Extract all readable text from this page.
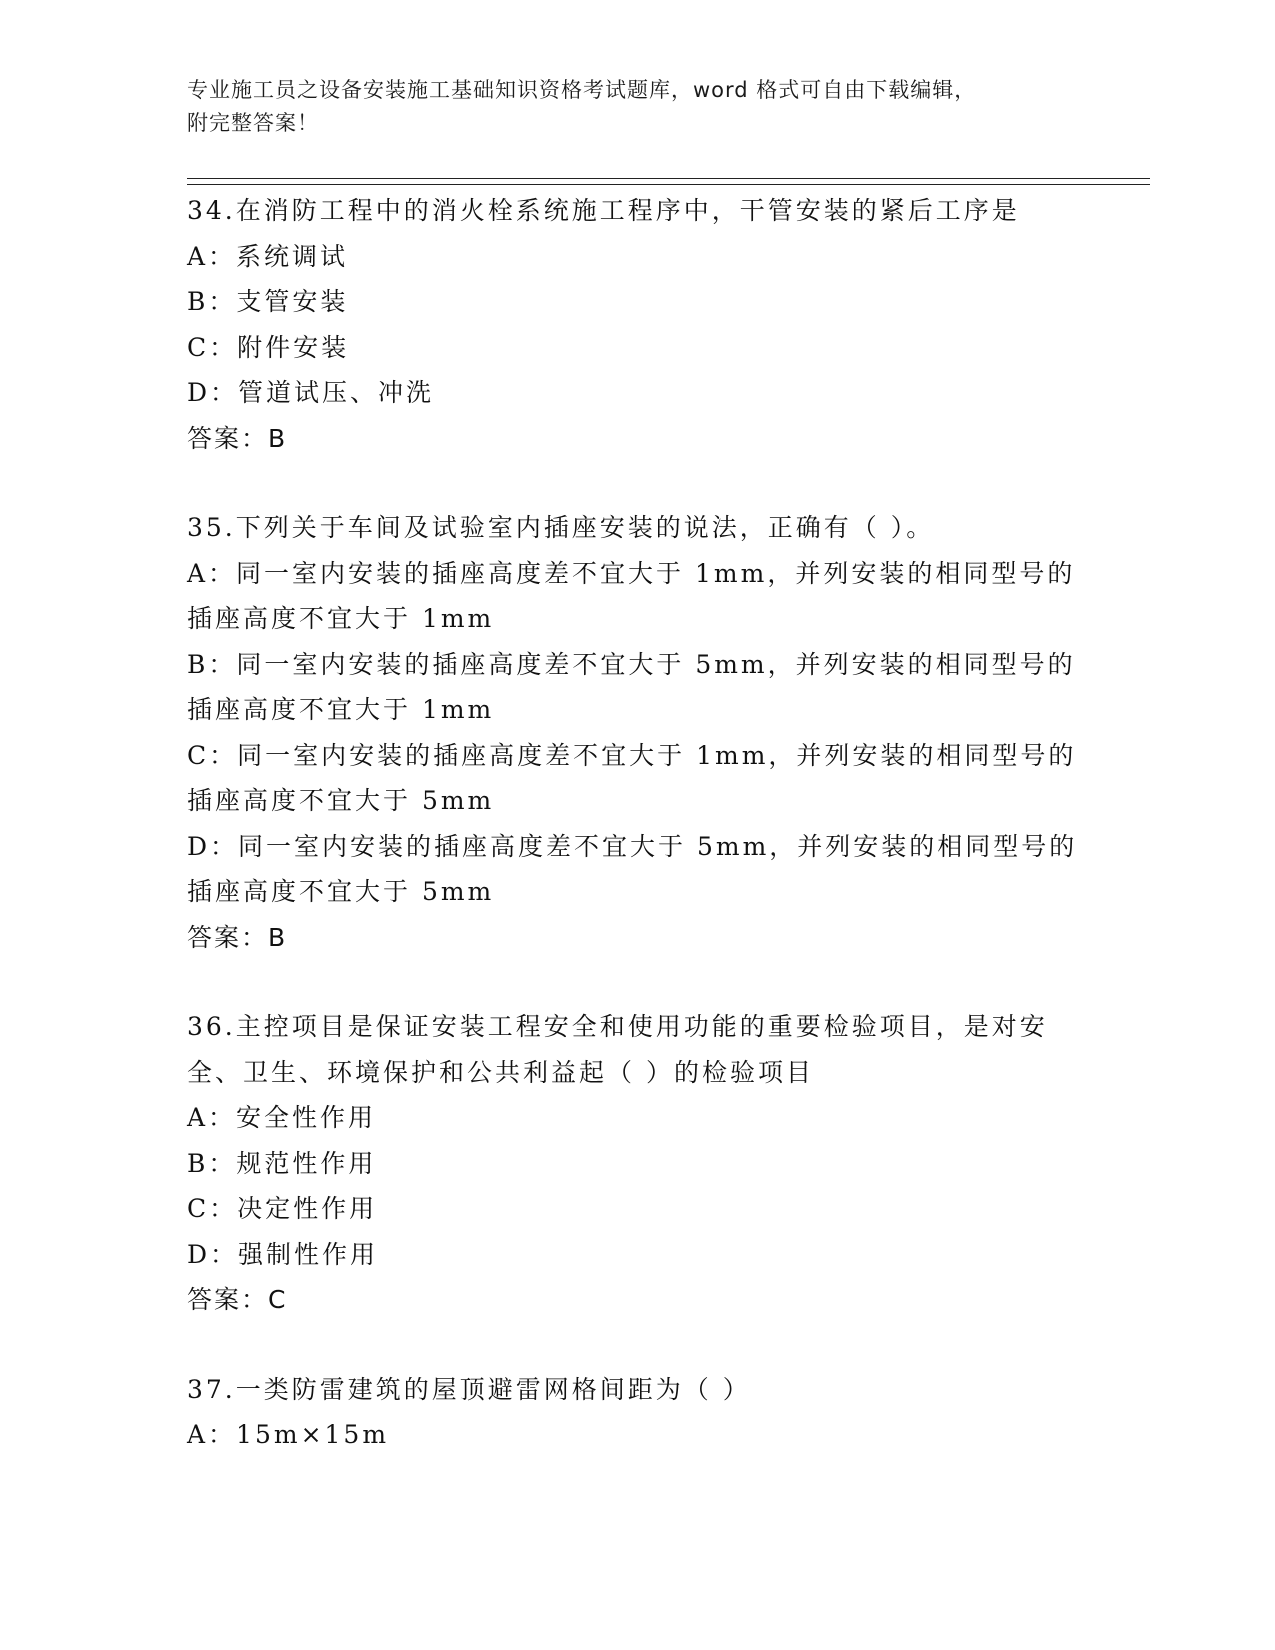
专业施工员之设备安装施工基础知识资格考试题库，word 格式可自由下载编辑，
附完整答案！
34.在消防工程中的消火栓系统施工程序中，干管安装的紧后工序是
A：系统调试
B：支管安装
C：附件安装
D：管道试压、冲洗
答案：B
35.下列关于车间及试验室内插座安装的说法，正确有（ ）。
A：同一室内安装的插座高度差不宜大于 1mm，并列安装的相同型号的
插座高度不宜大于 1mm
B：同一室内安装的插座高度差不宜大于 5mm，并列安装的相同型号的
插座高度不宜大于 1mm
C：同一室内安装的插座高度差不宜大于 1mm，并列安装的相同型号的
插座高度不宜大于 5mm
D：同一室内安装的插座高度差不宜大于 5mm，并列安装的相同型号的
插座高度不宜大于 5mm
答案：B
36.主控项目是保证安装工程安全和使用功能的重要检验项目，是对安
全、卫生、环境保护和公共利益起（ ）的检验项目
A：安全性作用
B：规范性作用
C：决定性作用
D：强制性作用
答案：C
37.一类防雷建筑的屋顶避雷网格间距为（ ）
A：15m×15m
